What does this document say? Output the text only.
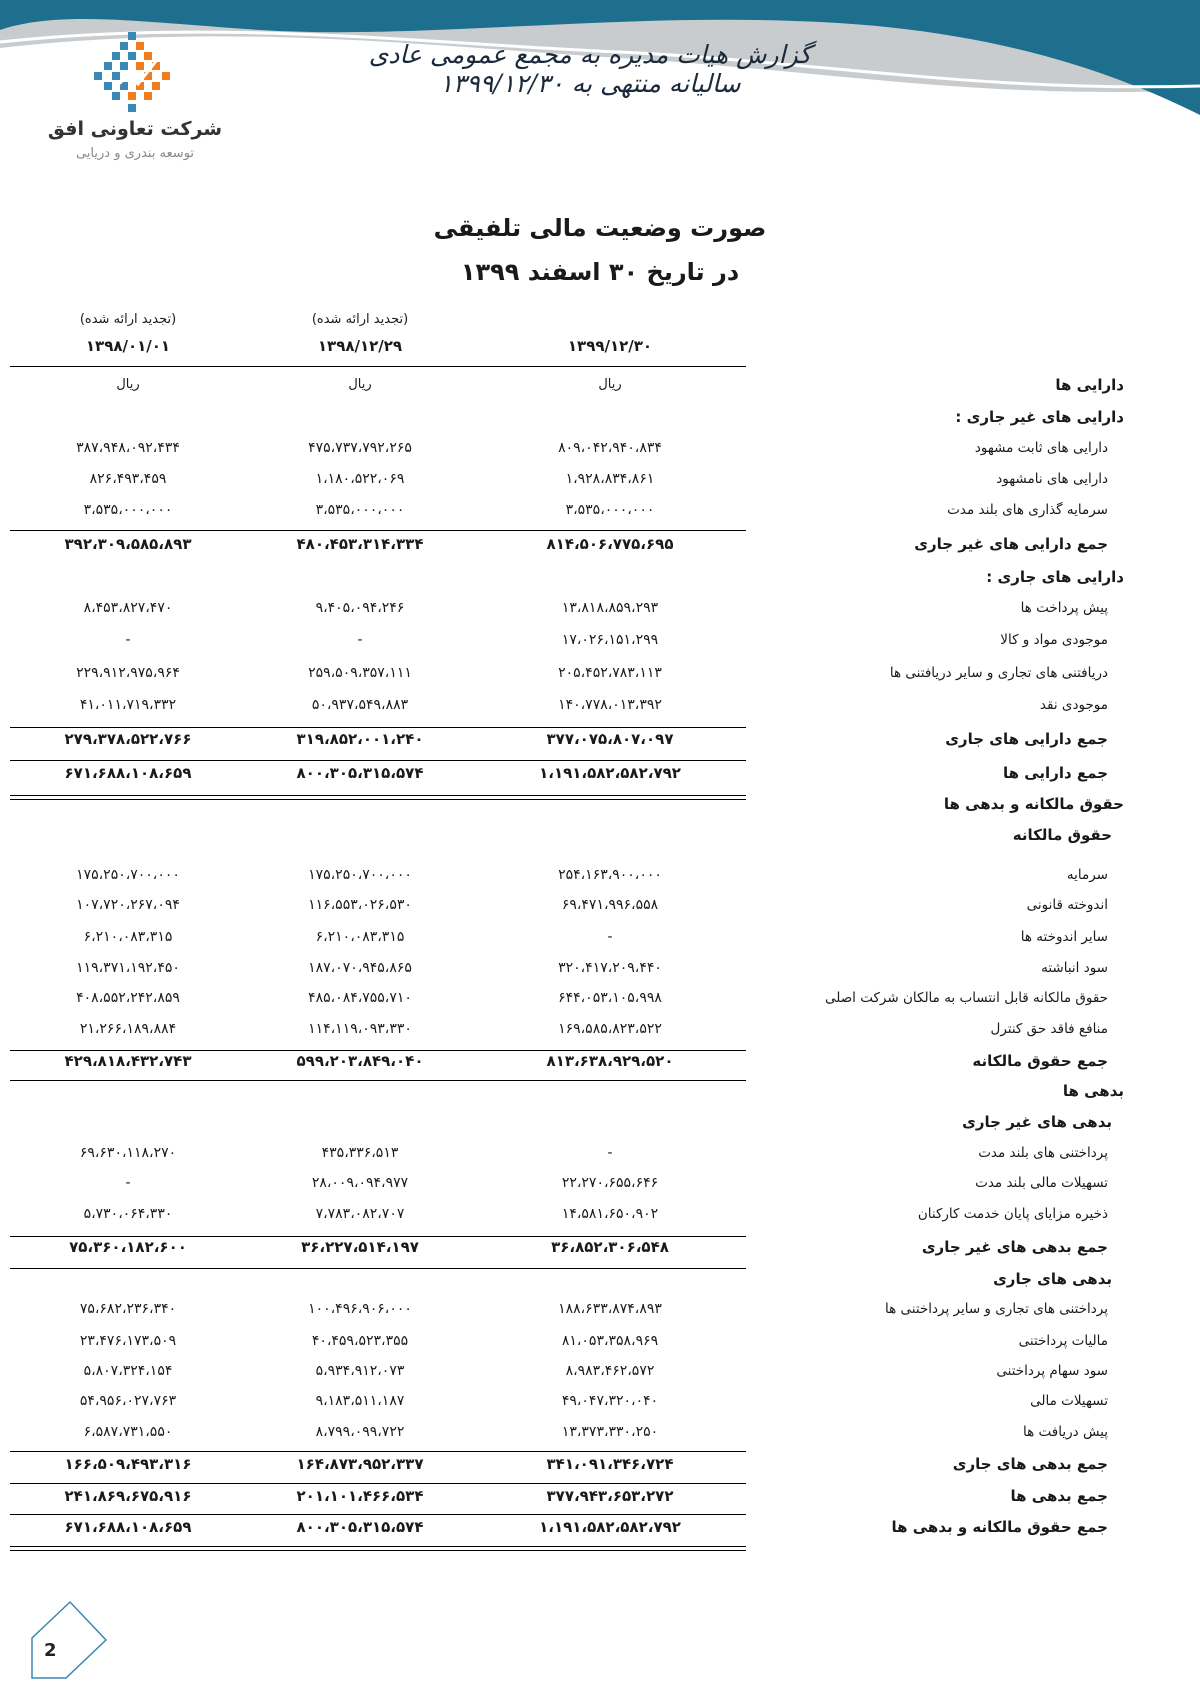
گزارش هیات مدیره به مجمع عمومی عادی سالیانه منتهی به ۱۳۹۹/۱۲/۳۰
شرکت تعاونی افق
توسعه بندری و دریایی
صورت وضعیت مالی تلفیقی
در تاریخ ۳۰ اسفند ۱۳۹۹
(تجدید ارائه شده)
(تجدید ارائه شده)
۱۳۹۹/۱۲/۳۰
۱۳۹۸/۱۲/۲۹
۱۳۹۸/۰۱/۰۱
ریال
ریال
ریال	دارایی ها
دارایی های غیر جاری :
دارایی های ثابت مشهود
۸۰۹،۰۴۲،۹۴۰،۸۳۴
۴۷۵،۷۳۷،۷۹۲،۲۶۵
۳۸۷،۹۴۸،۰۹۲،۴۳۴
دارایی های نامشهود
۱،۹۲۸،۸۳۴،۸۶۱
۱،۱۸۰،۵۲۲،۰۶۹
۸۲۶،۴۹۳،۴۵۹
سرمایه گذاری های بلند مدت
۳،۵۳۵،۰۰۰،۰۰۰
۳،۵۳۵،۰۰۰،۰۰۰
۳،۵۳۵،۰۰۰،۰۰۰
جمع دارایی های غیر جاری
۸۱۴،۵۰۶،۷۷۵،۶۹۵
۴۸۰،۴۵۳،۳۱۴،۳۳۴
۳۹۲،۳۰۹،۵۸۵،۸۹۳
دارایی های جاری :
پیش پرداخت ها
۱۳،۸۱۸،۸۵۹،۲۹۳
۹،۴۰۵،۰۹۴،۲۴۶
۸،۴۵۳،۸۲۷،۴۷۰
موجودی مواد و کالا
۱۷،۰۲۶،۱۵۱،۲۹۹
-
-
دریافتنی های تجاری و سایر دریافتنی ها
۲۰۵،۴۵۲،۷۸۳،۱۱۳
۲۵۹،۵۰۹،۳۵۷،۱۱۱
۲۲۹،۹۱۲،۹۷۵،۹۶۴
موجودی نقد
۱۴۰،۷۷۸،۰۱۳،۳۹۲
۵۰،۹۳۷،۵۴۹،۸۸۳
۴۱،۰۱۱،۷۱۹،۳۳۲
جمع دارایی های جاری
۳۷۷،۰۷۵،۸۰۷،۰۹۷
۳۱۹،۸۵۲،۰۰۱،۲۴۰
۲۷۹،۳۷۸،۵۲۲،۷۶۶
جمع دارایی ها
۱،۱۹۱،۵۸۲،۵۸۲،۷۹۲
۸۰۰،۳۰۵،۳۱۵،۵۷۴
۶۷۱،۶۸۸،۱۰۸،۶۵۹
حقوق مالکانه و بدهی ها
حقوق مالکانه
سرمایه
۲۵۴،۱۶۳،۹۰۰،۰۰۰
۱۷۵،۲۵۰،۷۰۰،۰۰۰
۱۷۵،۲۵۰،۷۰۰،۰۰۰
اندوخته قانونی
۶۹،۴۷۱،۹۹۶،۵۵۸
۱۱۶،۵۵۳،۰۲۶،۵۳۰
۱۰۷،۷۲۰،۲۶۷،۰۹۴
سایر اندوخته ها
-
۶،۲۱۰،۰۸۳،۳۱۵
۶،۲۱۰،۰۸۳،۳۱۵
سود انباشته
۳۲۰،۴۱۷،۲۰۹،۴۴۰
۱۸۷،۰۷۰،۹۴۵،۸۶۵
۱۱۹،۳۷۱،۱۹۲،۴۵۰
حقوق مالکانه قابل انتساب به مالکان شرکت اصلی
۶۴۴،۰۵۳،۱۰۵،۹۹۸
۴۸۵،۰۸۴،۷۵۵،۷۱۰
۴۰۸،۵۵۲،۲۴۲،۸۵۹
منافع فاقد حق کنترل
۱۶۹،۵۸۵،۸۲۳،۵۲۲
۱۱۴،۱۱۹،۰۹۳،۳۳۰
۲۱،۲۶۶،۱۸۹،۸۸۴
جمع حقوق مالکانه
۸۱۳،۶۳۸،۹۲۹،۵۲۰
۵۹۹،۲۰۳،۸۴۹،۰۴۰
۴۲۹،۸۱۸،۴۳۲،۷۴۳
بدهی ها
بدهی های غیر جاری
پرداختنی های بلند مدت
-
۴۳۵،۳۳۶،۵۱۳
۶۹،۶۳۰،۱۱۸،۲۷۰
تسهیلات مالی بلند مدت
۲۲،۲۷۰،۶۵۵،۶۴۶
۲۸،۰۰۹،۰۹۴،۹۷۷
-
ذخیره مزایای پایان خدمت کارکنان
۱۴،۵۸۱،۶۵۰،۹۰۲
۷،۷۸۳،۰۸۲،۷۰۷
۵،۷۳۰،۰۶۴،۳۳۰
جمع بدهی های غیر جاری
۳۶،۸۵۲،۳۰۶،۵۴۸
۳۶،۲۲۷،۵۱۴،۱۹۷
۷۵،۳۶۰،۱۸۲،۶۰۰
بدهی های جاری
پرداختنی های تجاری و سایر پرداختنی ها
۱۸۸،۶۳۳،۸۷۴،۸۹۳
۱۰۰،۴۹۶،۹۰۶،۰۰۰
۷۵،۶۸۲،۲۳۶،۳۴۰
مالیات پرداختنی
۸۱،۰۵۳،۳۵۸،۹۶۹
۴۰،۴۵۹،۵۲۳،۳۵۵
۲۳،۴۷۶،۱۷۳،۵۰۹
سود سهام پرداختنی
۸،۹۸۳،۴۶۲،۵۷۲
۵،۹۳۴،۹۱۲،۰۷۳
۵،۸۰۷،۳۲۴،۱۵۴
تسهیلات مالی
۴۹،۰۴۷،۳۲۰،۰۴۰
۹،۱۸۳،۵۱۱،۱۸۷
۵۴،۹۵۶،۰۲۷،۷۶۳
پیش دریافت ها
۱۳،۳۷۳،۳۳۰،۲۵۰
۸،۷۹۹،۰۹۹،۷۲۲
۶،۵۸۷،۷۳۱،۵۵۰
جمع بدهی های جاری
۳۴۱،۰۹۱،۳۴۶،۷۲۴
۱۶۴،۸۷۳،۹۵۲،۳۳۷
۱۶۶،۵۰۹،۴۹۳،۳۱۶
جمع بدهی ها
۳۷۷،۹۴۳،۶۵۳،۲۷۲
۲۰۱،۱۰۱،۴۶۶،۵۳۴
۲۴۱،۸۶۹،۶۷۵،۹۱۶
جمع حقوق مالکانه و بدهی ها
۱،۱۹۱،۵۸۲،۵۸۲،۷۹۲
۸۰۰،۳۰۵،۳۱۵،۵۷۴
۶۷۱،۶۸۸،۱۰۸،۶۵۹
2
